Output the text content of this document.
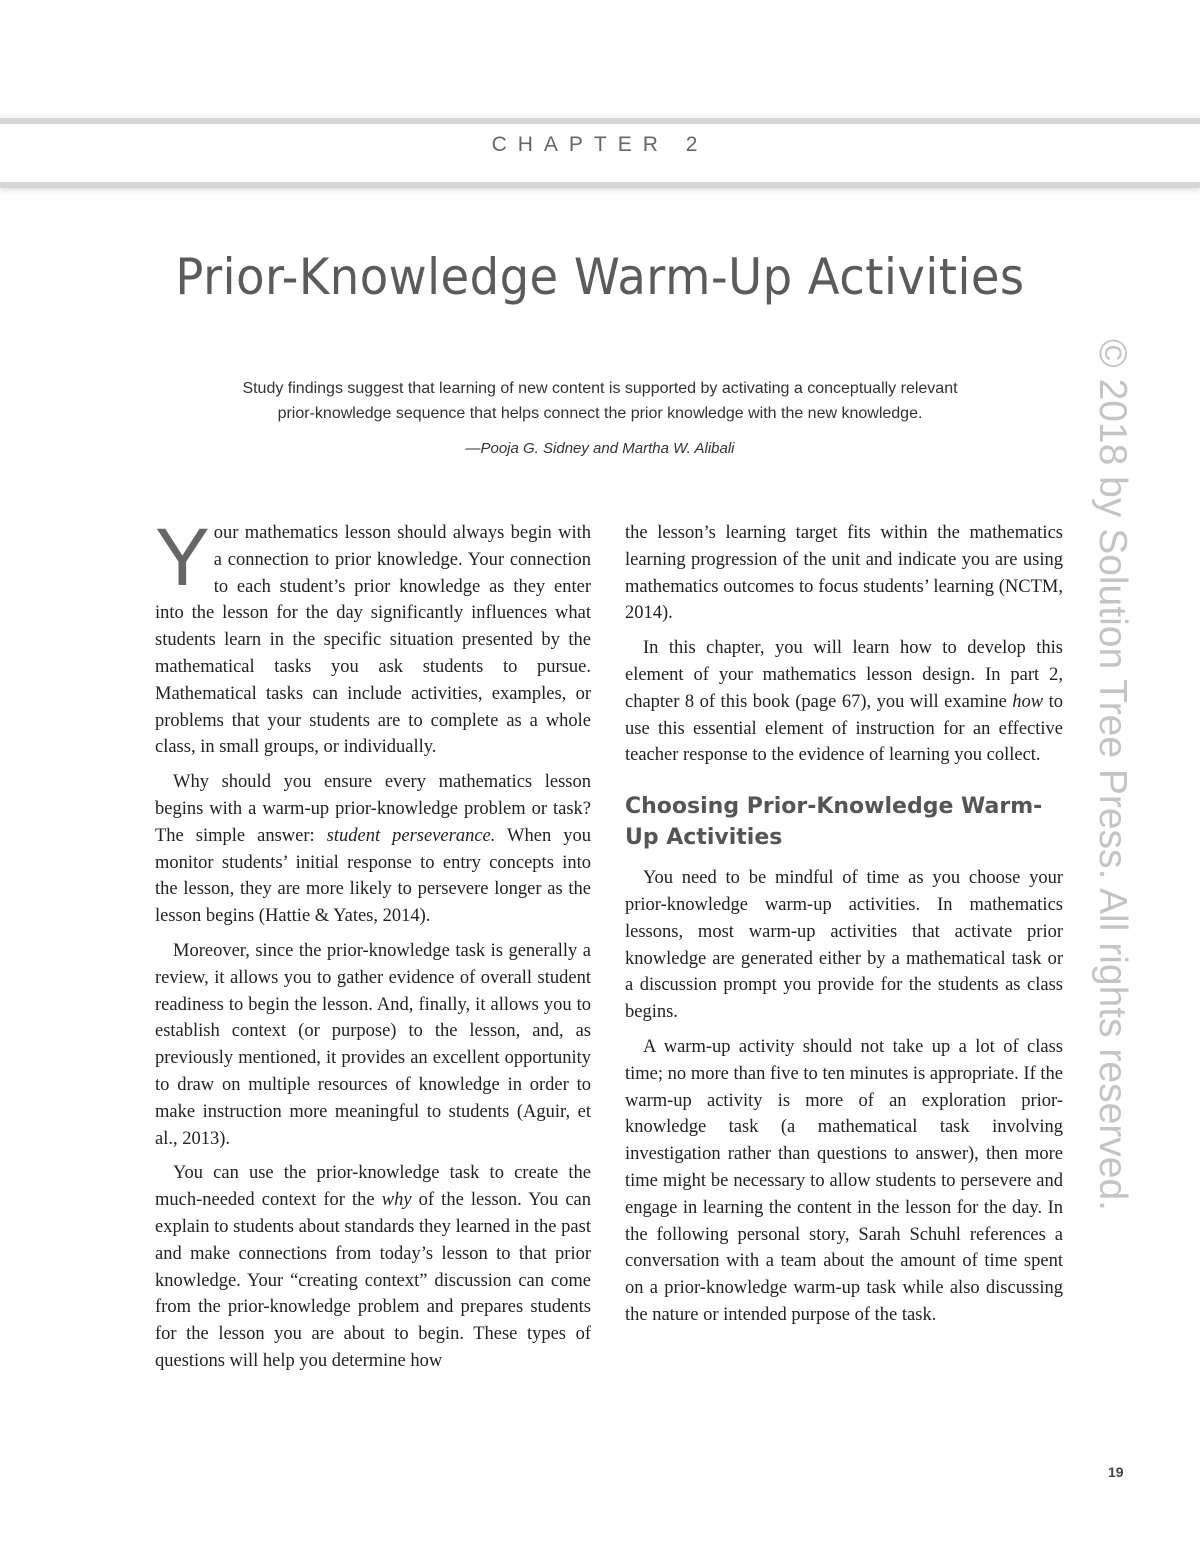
CHAPTER 2
Prior-Knowledge Warm-Up Activities

Study findings suggest that learning of new content is supported by activating a conceptually relevant

prior-knowledge sequence that helps connect the prior knowledge with the new knowledge.

—Pooja G. Sidney and Martha W. Alibali

Your mathematics lesson should always begin with a connection to prior knowledge. Your connection to each student’s prior knowledge as they enter into the lesson for the day significantly influences what students learn in the specific situation presented by the mathematical tasks you ask students to pursue. Mathematical tasks can include activities, examples, or problems that your students are to complete as a whole class, in small groups, or individually.

Why should you ensure every mathematics lesson begins with a warm-up prior-knowledge problem or task? The simple answer: student perseverance. When you monitor students’ initial response to entry concepts into the lesson, they are more likely to persevere longer as the lesson begins (Hattie & Yates, 2014).

Moreover, since the prior-knowledge task is generally a review, it allows you to gather evidence of overall student readiness to begin the lesson. And, finally, it allows you to establish context (or purpose) to the lesson, and, as previously mentioned, it provides an excellent opportunity to draw on multiple resources of knowledge in order to make instruction more meaningful to students (Aguir, et al., 2013).

You can use the prior-knowledge task to create the much-needed context for the why of the lesson. You can explain to students about standards they learned in the past and make connections from today’s lesson to that prior knowledge. Your “creating context” discussion can come from the prior-knowledge problem and prepares students for the lesson you are about to begin. These types of questions will help you determine how

the lesson’s learning target fits within the mathematics learning progression of the unit and indicate you are using mathematics outcomes to focus students’ learning (NCTM, 2014).

In this chapter, you will learn how to develop this element of your mathematics lesson design. In part 2, chapter 8 of this book (page 67), you will examine how to use this essential element of instruction for an effective teacher response to the evidence of learning you collect.

Choosing Prior-Knowledge Warm-Up Activities

You need to be mindful of time as you choose your prior-knowledge warm-up activities. In mathematics lessons, most warm-up activities that activate prior knowledge are generated either by a mathematical task or a discussion prompt you provide for the students as class begins.

A warm-up activity should not take up a lot of class time; no more than five to ten minutes is appropriate. If the warm-up activity is more of an exploration prior-knowledge task (a mathematical task involving investigation rather than questions to answer), then more time might be necessary to allow students to persevere and engage in learning the content in the lesson for the day. In the following personal story, Sarah Schuhl references a conversation with a team about the amount of time spent on a prior-knowledge warm-up task while also discussing the nature or intended purpose of the task.

© 2018 by Solution Tree Press. All rights reserved.
19
